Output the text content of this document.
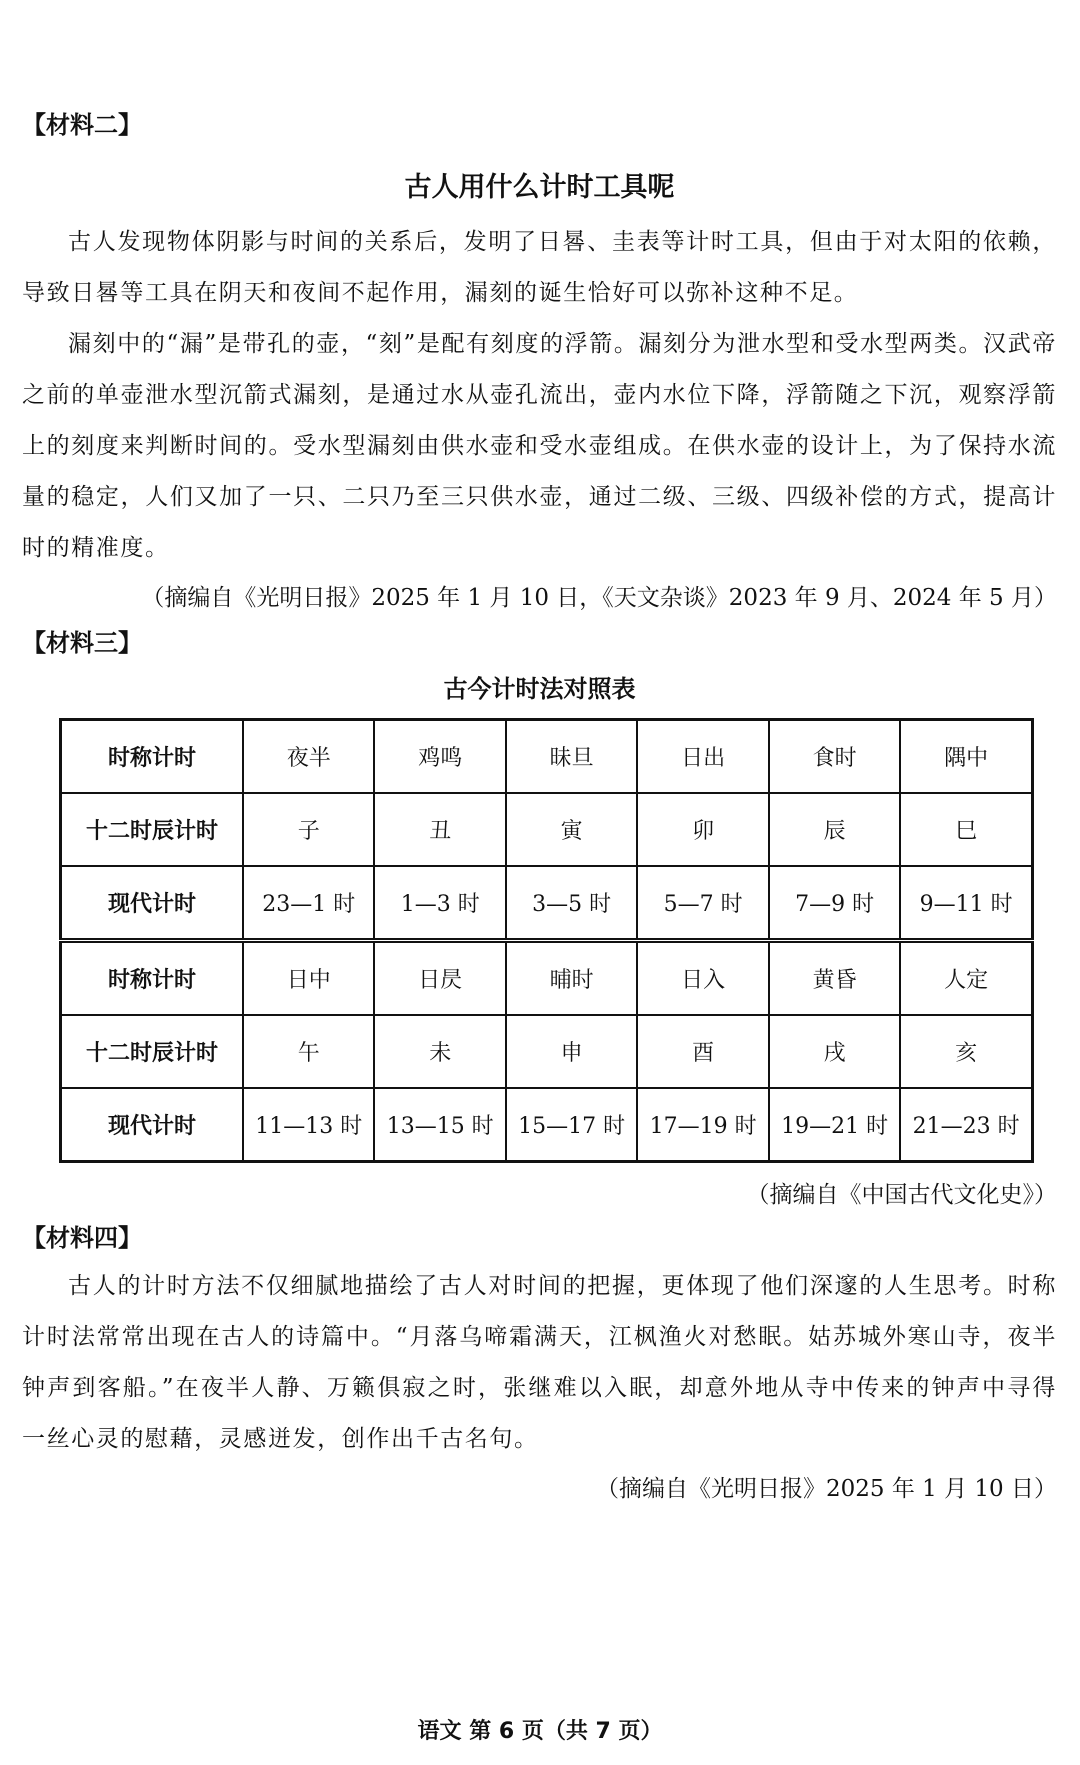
【材料二】

古人用什么计时工具呢

古人发现物体阴影与时间的关系后，发明了日晷、圭表等计时工具，但由于对太阳的依赖，导致日晷等工具在阴天和夜间不起作用，漏刻的诞生恰好可以弥补这种不足。

漏刻中的“漏”是带孔的壶，“刻”是配有刻度的浮箭。漏刻分为泄水型和受水型两类。汉武帝之前的单壶泄水型沉箭式漏刻，是通过水从壶孔流出，壶内水位下降，浮箭随之下沉，观察浮箭上的刻度来判断时间的。受水型漏刻由供水壶和受水壶组成。在供水壶的设计上，为了保持水流量的稳定，人们又加了一只、二只乃至三只供水壶，通过二级、三级、四级补偿的方式，提高计时的精准度。

（摘编自《光明日报》2025 年 1 月 10 日，《天文杂谈》2023 年 9 月、2024 年 5 月）

【材料三】

古今计时法对照表

时称计时	夜半	鸡鸣	昧旦	日出	食时	隅中
十二时辰计时	子	丑	寅	卯	辰	巳
现代计时	23—1 时	1—3 时	3—5 时	5—7 时	7—9 时	9—11 时
时称计时	日中	日昃	晡时	日入	黄昏	人定
十二时辰计时	午	未	申	酉	戌	亥
现代计时	11—13 时	13—15 时	15—17 时	17—19 时	19—21 时	21—23 时

（摘编自《中国古代文化史》）

【材料四】

古人的计时方法不仅细腻地描绘了古人对时间的把握，更体现了他们深邃的人生思考。时称计时法常常出现在古人的诗篇中。“月落乌啼霜满天，江枫渔火对愁眠。姑苏城外寒山寺，夜半钟声到客船。”在夜半人静、万籁俱寂之时，张继难以入眠，却意外地从寺中传来的钟声中寻得一丝心灵的慰藉，灵感迸发，创作出千古名句。

（摘编自《光明日报》2025 年 1 月 10 日）

语文 第 6 页（共 7 页）
